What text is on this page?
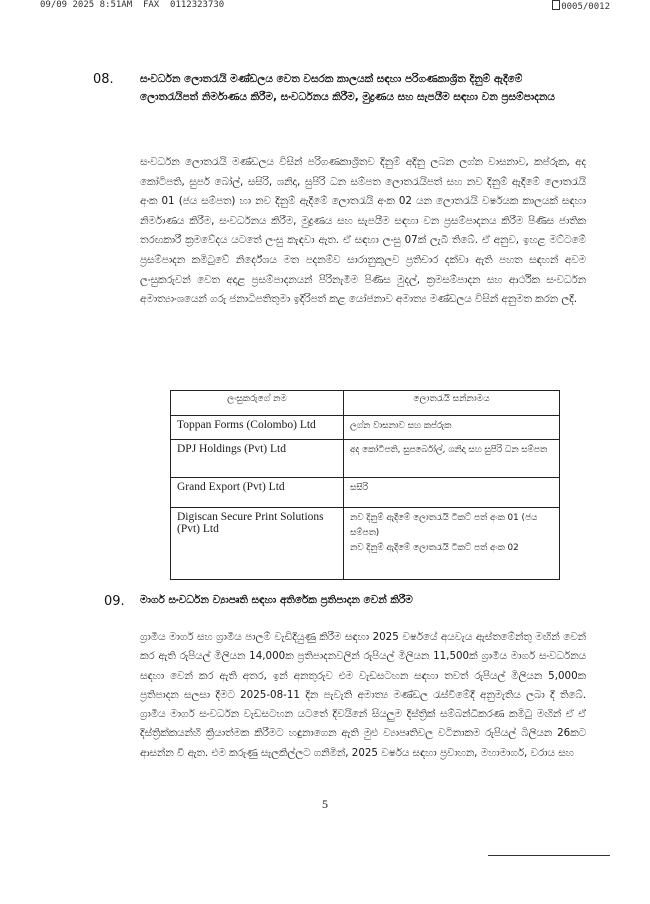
09/09 2025 8:51AM  FAX  0112323730	0005/0012
08.	සංවර්ධන ලොතරැයි මණ්ඩලය වෙත වසරක කාලයක් සඳහා පරිගණකාශ්‍රිත දිනුම් ඇදීමේ ලොතරැයිපත් නිර්මාණය කිරීම, සංවර්ධනය කිරීම, මුද්‍රණය සහ සැපයීම සඳහා වන ප්‍රසම්පාදනය
සංවර්ධන ලොතරැයි මණ්ඩලය විසින් පරිගණකාශ්‍රිතව දිනුම් අදිනු ලබන ලග්න වාසනාව, කප්රුක, අද කෝටිපති, සුපර් බෝල්, සසිරි, ශනිදා, සුපිරි ධන සම්පත ලොතරැයිපත් සහ නව දිනුම් ඇදීමේ ලොතරැයි අංක 01 (ජය සම්පත) හා නව දිනුම් ඇදීමේ ලොතරැයි අංක 02 යන ලොතරැයි වර්ෂයක කාලයක් සඳහා නිර්මාණය කිරීම, සංවර්ධනය කිරීම, මුද්‍රණය සහ සැපයීම සඳහා වන ප්‍රසම්පාදනය කිරීම පිණිස ජාතික තරඟකාරී ක්‍රමවේදය යටතේ ලංසු කැඳවා ඇත. ඒ සඳහා ලංසු 07ක් ලැබී තිබේ. ඒ අනුව, ඉහළ මට්ටමේ ප්‍රසම්පාදන කමිටුවේ නිර්දේශය මත පදනම්ව සාරානුකූලව ප්‍රතිචාර දක්වා ඇති පහත සඳහන් අවම ලංසුකරුවන් වෙත අදාළ ප්‍රසම්පාදනයන් පිරිනැමීම පිණිස මුදල්, ක්‍රමසම්පාදන සහ ආර්ථික සංවර්ධන අමාත්‍යාංශයෙන් ගරු ජනාධිපතිතුමා ඉදිරිපත් කළ යෝජනාව අමාත්‍ය මණ්ඩලය විසින් අනුමත කරන ලදී.
ලංසුකරුගේ නම	ලොතරැයි සන්නාමය
Toppan Forms (Colombo) Ltd	ලග්න වාසනාව සහ කප්රුක
DPJ Holdings (Pvt) Ltd	අද කෝටිපති, සුපර්බෝල්, ශනිදා සහ සුපිරි ධන සම්පත
Grand Export (Pvt) Ltd	සසිරි
Digiscan Secure Print Solutions (Pvt) Ltd	නව දිනුම් ඇදීමේ ලොතරැයි ටිකට් පත් අංක 01 (ජය සම්පත)
නව දිනුම් ඇදීමේ ලොතරැයි ටිකට් පත් අංක 02
09. මාර්ග සංවර්ධන ව්‍යාපෘති සඳහා අතිරේක ප්‍රතිපාදන වෙන් කිරීම
ග්‍රාමීය මාර්ග සහ ග්‍රාමීය පාලම් වැඩිදියුණු කිරීම සඳහා 2025 වර්ෂයේ අයවැය ඇස්තමේන්තු මඟින් වෙන් කර ඇති රුපියල් මිලියන 14,000ක ප්‍රතිපාදනවලින් රුපියල් මිලියන 11,500ක් ග්‍රාමීය මාර්ග සංවර්ධනය සඳහා වෙන් කර ඇති අතර, ඉන් අනතුරුව එම වැඩසටහන සඳහා තවත් රුපියල් මිලියන 5,000ක ප්‍රතිපාදන සලසා දීමට 2025-08-11 දින පැවැති අමාත්‍ය මණ්ඩල රැස්වීමේදී අනුමැතිය ලබා දී තිබේ. ග්‍රාමීය මාර්ග සංවර්ධන වැඩසටහන යටතේ දිවයිනේ සියලුම දිස්ත්‍රික් සම්බන්ධීකරණ කමිටු මඟින් ඒ ඒ දිස්ත්‍රික්කයන්හි ක්‍රියාත්මක කිරීමට හඳුනාගෙන ඇති මුළු ව්‍යාපෘතිවල වටිනාකම රුපියල් බිලියන 26කට ආසන්න වී ඇත. එම කරුණු සැලකිල්ලට ගනිමින්, 2025 වර්ෂය සඳහා ප්‍රවාහන, මහාමාර්ග, වරාය සහ
5
